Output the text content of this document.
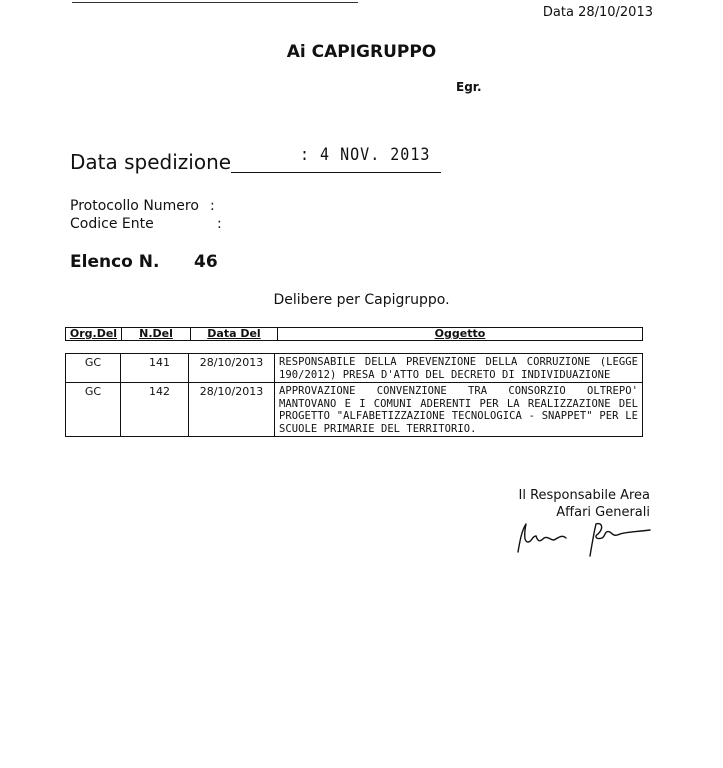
Data 28/10/2013
Ai CAPIGRUPPO
Egr.
Data spedizione	: 4 NOV. 2013
Protocollo Numero :
Codice Ente	:
Elenco N. 46
Delibere per Capigruppo.
Org.Del	N.Del	Data Del	Oggetto
GC	141	28/10/2013	RESPONSABILE DELLA PREVENZIONE DELLA CORRUZIONE (LEGGE 190/2012) PRESA D'ATTO DEL DECRETO DI INDIVIDUAZIONE
GC	142	28/10/2013	APPROVAZIONE CONVENZIONE TRA CONSORZIO OLTREPO' MANTOVANO E I COMUNI ADERENTI PER LA REALIZZAZIONE DEL PROGETTO "ALFABETIZZAZIONE TECNOLOGICA - SNAPPET" PER LE SCUOLE PRIMARIE DEL TERRITORIO.
Il Responsabile Area
Affari Generali
